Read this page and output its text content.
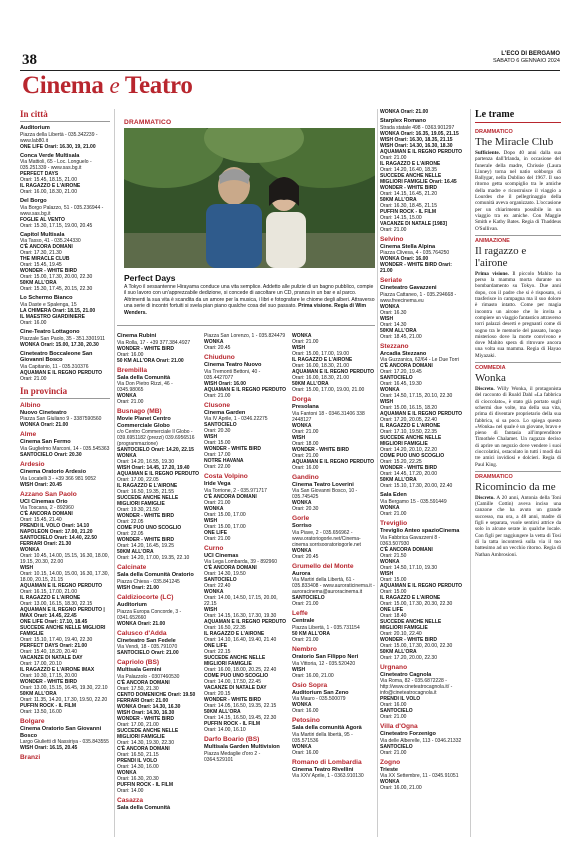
38	L'ECO DI BERGAMO
SABATO 6 GENNAIO 2024
Cinema e Teatro
In città
Auditorium
Piazza della Libertà - 035.342239 - www.lab80.it
ONE LIFE Orari: 16.30, 19, 21.00
Conca Verde Multisala
Via Mattioli, 65 - Loc. Longuelo - 035.251339 - www.sas.bg.it
PERFECT DAYS
Orari: 15.45, 18.15, 21.00
IL RAGAZZO E L'AIRONE
Orari: 16.00, 18.30, 21.00
Del Borgo
Via Borgo Palazzo, 51 - 035.236944 - www.sas.bg.it
FOGLIE AL VENTO
Orari: 15.30, 17.15, 19.00, 20.45
Capitol Multisala
Via Tasso, 41 - 035.244330
C'È ANCORA DOMANI
Orari: 17.30, 21.30
THE MIRACLE CLUB
Orari: 15.45, 19.45
WONDER - WHITE BIRD
Orari: 15.00, 17.30, 20.00, 22.30
50KM ALL'ORA
Orari: 15.30, 17.45, 20.15, 22.30
Lo Schermo Bianco
Via Daste e Spalenga, 15
LA CHIMERA Orari: 18.15, 21.00
IL MAESTRO GIARDINIERE
Orari: 16.00
Cine-Teatro Lottagono
Piazzale San Paolo, 35 - 351.3301911
WONKA Orari: 15.00, 17.30, 20.30
Cineteatro Boccaleone San Giovanni Bosco
Via Capitanio, 11 - 035.310376
AQUAMAN E IL REGNO PERDUTO
Orari: 21.00
In provincia
Albino
Nuovo Cineteatro
Piazza San Giuliano 9 - 3387590560
WONKA Orari: 21.00
Alme
Cinema San Fermo
Via Guglielmo Marconi, 14 - 035.545363
SANTOCIELO Orari: 20.30
Ardesio
Cinema Oratorio Ardesio
Via Locatelli 3 - +39 366 981 9052
WISH Orari: 20.45
Azzano San Paolo
UCI Cinemas Orio
Via Toscana, 2 - 892960
C'È ANCORA DOMANI
Orari: 15.45, 21.40
PRENDI IL VOLO Orari: 14.10
NAPOLEON Orari: 17.00, 21.20
SANTOCIELO Orari: 14.40, 22.50
FERRARI Orari: 21.30
WONKA
Orari: 10.45, 14.00, 15.15, 16.30, 18.00, 19.15, 20.30, 22.00
WISH
Orari: 10.15, 14.00, 15.00, 16.30, 17.30, 18.00, 20.15, 21.15
AQUAMAN E IL REGNO PERDUTO
Orari: 16.15, 17.00, 21.00
IL RAGAZZO E L'AIRONE
Orari: 13.00, 16.15, 18.30, 22.15
AQUAMAN E IL REGNO PERDUTO | IMAX Orari: 14.45, 22.45
ONE LIFE Orari: 17.10, 18.45
SUCCEDE ANCHE NELLE MIGLIORI FAMIGLIE
Orari: 15.10, 17.40, 19.40, 22.30
PERFECT DAYS Orari: 21.00
Orari: 15.40, 18.20, 20.40
VACANZE DI NATALE DAY
Orari: 17.00, 20.10
IL RAGAZZO E L'AIRONE IMAX
Orari: 10.30, 17.15, 20.00
WONDER - WHITE BIRD
Orari: 13.00, 15.15, 16.45, 19.30, 22.10
50KM ALL'ORA
Orari: 11.35, 14.20, 17.30, 19.50, 22.20
PUFFIN ROCK - IL FILM
Orari: 13.50, 16.00
Bolgare
Cinema Oratorio San Giovanni Bosco
Largo Giulietti di Nassiriya - 035.843555
WISH Orari: 16.15, 20.45
Branzi
DRAMMATICO
Perfect Days
A Tokyo il sessantenne Hirayama conduce una vita semplice. Addetto alle pulizie di un bagno pubblico, compie il suo lavoro con un'apprezzabile dedizione, si concede di ascoltare un CD, pranza in un bar e al parco. Altrimenti la sua vita è scandita da un amore per la musica, i libri e fotografare le chiome degli alberi. Attraverso una serie di incontri fortuiti si svela pian piano qualche cosa del suo passato. Prima visione. Regia di Wim Wenders.
Cinema Rubini
Via Rolla, 17 - +39 377.384.4927
WONDER - WHITE BIRD
Orari: 16.00
50 KM ALL'ORA Orari: 21.00
Brembilla
Sala della Comunità
Via Don Pietro Rizzi, 46 - 0345.98065
WONKA
Orari: 21.00
Busnago (MB)
Movie Planet Centro Commerciale Globo
c/o Centro Commerciale Il Globo - 039.6951182 (prezzi) 039.6956516 (programmazione)
SANTOCIELO Orari: 14.20, 22.15
WONKA
Orari: 14.20, 16.55, 19.30
WISH Orari: 14.45, 17.20, 19.40
AQUAMAN E IL REGNO PERDUTO
Orari: 17.00, 22.05
IL RAGAZZO E L'AIRONE
Orari: 16.50, 19.35, 21.55
SUCCEDE ANCHE NELLE MIGLIORI FAMIGLIE
Orari: 19.30, 21.50
WONDER - WHITE BIRD
Orari: 22.05
COME PUO UNO SCOGLIO
Orari: 22.05
WONDER - WHITE BIRD
Orari: 14.20, 16.45, 19.25
50KM ALL'ORA
Orari: 14.20, 17.00, 19.35, 22.10
Calcinate
Sala della Comunità Oratorio
Piazza Chiesa - 035.841245
WISH Orari: 21.00
Caldiziocorte (LC)
Auditorium
Piazza Europa Concorde, 3 - 0341.652660
WONKA Orari: 21.00
Calusco d'Adda
Cineteatro San Fedele
Via Vendi, 18 - 035.791070
SANTOCIELO Orari: 21.00
Capriolo (BS)
Multisala Gemini
Via Palazzolo - 0307460530
C'È ANCORA DOMANI
Orari: 17.50, 21.30
CENTO DOMENICHE Orari: 19.50
FERRARI Orari: 21.00
WONKA Orari: 14.30, 16.30
WISH Orari: 14.30, 16.30
WONDER - WHITE BIRD
Orari: 17.00, 21.00
SUCCEDE ANCHE NELLE MIGLIORI FAMIGLIE
Orari: 14.30, 19.30, 22.30
C'È ANCORA DOMANI
Orari: 16.50, 21.15
PRENDI IL VOLO
Orari: 14.30, 16.00
WONKA
Orari: 16.30, 20.30
PUFFIN ROCK - IL FILM
Orari: 14.00
Casazza
Sala della Comunità
Piazza San Lorenzo, 1 - 035.824479
WONKA
Orari: 20.45
Chiuduno
Cinema Teatro Nuovo
Via Tremonti Bettoni, 40 - 035.4427077
WISH Orari: 16.00
AQUAMAN E IL REGNO PERDUTO
Orari: 21.00
Clusone
Cinema Garden
Via IV Aprile, 1 - 0346.22275
SANTOCIELO
Orari: 20.30
WISH
Orari: 15.00
WONDER - WHITE BIRD
Orari: 17.00
NOTRE HAVANA
Orari: 22.00
Costa Volpino
Iride Vega
Via Torrione, 2 - 035.971717
C'È ANCORA DOMANI
Orari: 21.00
WONKA
Orari: 15.00, 17.00
WISH
Orari: 15.00, 17.00
ONE LIFE
Orari: 21.00
Curno
UCI Cinemas
Via Lega Lombarda, 39 - 892960
C'È ANCORA DOMANI
Orari: 14.30, 19.50
SANTOCIELO
Orari: 22.40
WONKA
Orari: 14.00, 14.50, 17.15, 20.00, 22.15
WISH
Orari: 14.15, 16.30, 17.30, 19.30
AQUAMAN E IL REGNO PERDUTO
Orari: 16.50, 22.35
IL RAGAZZO E L'AIRONE
Orari: 14.10, 16.40, 19.40, 21.40
ONE LIFE
Orari: 22.15
SUCCEDE ANCHE NELLE MIGLIORI FAMIGLIE
Orari: 16.00, 18.00, 20.25, 22.40
COME PUO UNO SCOGLIO
Orari: 14.00, 17.50, 22.45
VACANZE DI NATALE DAY
Orari: 20.15
WONDER - WHITE BIRD
Orari: 14.05, 16.50, 19.35, 22.15
50KM ALL'ORA
Orari: 14.15, 16.50, 19.45, 22.30
PUFFIN ROCK - IL FILM
Orari: 14.00, 16.10
Darfo Boario (BS)
Multisala Garden Multivision
Piazza Medaglie d'oro 2 - 0364.529101
WONKA
Orari: 21.00
WISH
Orari: 15.00, 17.00, 19.00
IL RAGAZZO E L'AIRONE
Orari: 16.00, 18.30, 21.00
AQUAMAN E IL REGNO PERDUTO
Orari: 16.00, 18.30, 21.00
50KM ALL'ORA
Orari: 15.00, 17.00, 19.00, 21.00
Dorga
Presolana
Via Fantoni 18 - 0346.31406 338 2448127
WONKA
Orari: 21.00
WISH
Orari: 18.00
WONDER - WHITE BIRD
Orari: 21.00
AQUAMAN E IL REGNO PERDUTO
Orari: 16.00
Gandino
Cinema Teatro Loverini
Via San Giovanni Bosco, 10 - 035.745425
WONKA
Orari: 20.30
Gorle
Sorriso
Via Piave, 2 - 035.656962 - www.oratoriogorle.net/Cinema-cinema sorrisooratoriogorle.net
WONKA
Orari: 20.45
Grumello del Monte
Aurora
Via Martiri della Libertà, 61 - 035.833408 - www.auroraticinema.it - auroracinema@auroracinema.it
SANTOCIELO
Orari: 21.00
Leffe
Centrale
Piazza Libertà, 1 - 035.731154
50 KM ALL'ORA
Orari: 21.00
Nembro
Oratorio San Filippo Neri
Via Vittoria, 12 - 035.520420
WISH
Orari: 16.00, 21.00
Osio Sopra
Auditorium San Zeno
Via Mauro - 035.500079
WONKA
Orari: 16.00
Petosino
Sala della comunità Agorà
Via Martiri della libertà, 95 - 035.571536
WONKA
Orari: 16.00
Romano di Lombardia
Cinema Teatro Rivellini
Via XXV Aprile, 1 - 0363.910130
WONKA Orari: 21.00
Starplex Romano
Strada statale 498 - 0363.901297
WONKA Orari: 16.35, 19.05, 21.15
WISH Orari: 16.30, 18.35, 21.15
WISH Orari: 14.30, 16.30, 18.30
AQUAMAN E IL REGNO PERDUTO
Orari: 21.00
IL RAGAZZO E L'AIRONE
Orari: 14.20, 16.40, 18.35
SUCCEDE ANCHE NELLE MIGLIORI FAMIGLIE Orari: 16.45
WONDER - WHITE BIRD
Orari: 14.15, 16.45, 21.20
50KM ALL'ORA
Orari: 16.30, 18.45, 21.15
PUFFIN ROCK - IL FILM
Orari: 14.15, 15.00
VACANZE DI NATALE [1983]
Orari: 21.00
Selvino
Cinema Stella Alpina
Piazza Clivesa, 4 - 035.764250
WONKA Orari: 16.00
WONDER - WHITE BIRD Orari: 21.00
Seriate
Cineteatro Gavazzeni
Piazza Cattaneo, 1 - 035.294668 - www.freecinema.eu
WONKA
Orari: 16.30
WISH
Orari: 14.30
50KM ALL'ORA
Orari: 18.45, 21.00
Stezzano
Arcadia Stezzano
Via Guzzanica, 62/64 - Le Due Torri
C'È ANCORA DOMANI
Orari: 17.20, 19.45
SANTOCIELO
Orari: 16.45, 19.30
WONKA
Orari: 14.50, 17.15, 20.10, 22.30
WISH
Orari: 15.00, 16.15, 18.20
AQUAMAN E IL REGNO PERDUTO
Orari: 17.20, 20.05, 22.40
IL RAGAZZO E L'AIRONE
Orari: 17.10, 19.50, 22.35
SUCCEDE ANCHE NELLE MIGLIORI FAMIGLIE
Orari: 14.20, 20.10, 22.20
COME PUO UNO SCOGLIO
Orari: 15.20, 22.25
WONDER - WHITE BIRD
Orari: 14.45, 17.20, 20.00
50KM ALL'ORA
Orari: 15.10, 17.30, 20.00, 22.40
Sala Eden
Via Bergamo 15 - 035.591449
WONKA
Orari: 21.00
Treviglio
Treviglio Anteo spazioCinema
Via Fabbrica Gavazzeni 8 - 0363.507930
C'È ANCORA DOMANI
Orari: 21.50
WONKA
Orari: 14.50, 17.10, 19.30
WISH
Orari: 15.00
AQUAMAN E IL REGNO PERDUTO
Orari: 15.00
IL RAGAZZO E L'AIRONE
Orari: 15.00, 17.30, 20.30, 22.30
ONE LIFE
Orari: 18.40
SUCCEDE ANCHE NELLE MIGLIORI FAMIGLIE
Orari: 20.10, 22.40
WONDER - WHITE BIRD
Orari: 15.00, 17.30, 20.00, 22.30
50KM ALL'ORA
Orari: 17.20, 20.00, 22.30
Urgnano
Cineteatro Cagnola
Via Roma, 82 - 035.6872228 - http://www.cineteatrocagnola.it/ - info@cineteatrocagnola.it
PRENDI IL VOLO
Orari: 16.00
SANTOCIELO
Orari: 21.00
Villa d'Ogna
Cineteatro Forzenigo
Via delle Alberelle, 113 - 0346.21332
SANTOCIELO
Orari: 21.00
Zogno
Trieste
Via XX Settembre, 11 - 0345.91051
WONKA
Orari: 16.00, 21.00
Le trame
DRAMMATICO
The Miracle Club
Sufficiente. Dopo 40 anni dalla sua partenza dall'Irlanda, in occasione del funerale della madre, Chrissie (Laura Linney) torna nel natio sobborgo di Ballygar, nella Dublino del 1967. Il suo ritorno getta scompiglio tra le amiche della madre e ricostruisce il viaggio a Lourdes che il pellegrinaggio della comunità aveva organizzato. L'occasione per un chiarimento possibile in un viaggio tra ex amiche. Con Maggie Smith e Kathy Bates. Regia di Thaddeus O'Sullivan.
ANIMAZIONE
Il ragazzo e l'airone
Prima visione. Il piccolo Mahito ha perso la mamma morta durante un bombardamento su Tokyo. Due anni dopo, con il padre che si è risposato, si trasferisce in campagna ma il suo dolore è rimasto intatto. Come per magia incontra un airone che lo invita a compiere un viaggio fantastico attraverso torri palazzi deserti e pregnanti come di sogno tra le memorie del passato, luogo misterioso dove la morte convivono e dove Mahito spera di ritrovare ancora una volta sua mamma. Regia di Hayao Miyazaki.
COMMEDIA
Wonka
Discreto. Willy Wonka, il protagonista del racconto di Roald Dahl «La fabbrica di cioccolato», è stato già portato sugli schermi due volte, ma della sua vita, prima di diventare proprietario della sua fabbrica, si sa poco. Lo spiega questo «Wonka» nel quale è un giovane, bravo e pieno di fantasia all'imprenditore Timothée Chalamet. Un ragazzo deciso di aprire un negozio dove vendere i suoi cioccolatini, ostacolato in tutti i modi dai tre amici invidiosi e dolcieri. Regia di Paul King.
DRAMMATICO
Ricomincio da me
Discreto. A 20 anni, Antonia della Toni (Camille Cottin) aveva inciso una canzone che ha avuto un grande successo, ma ora, a 48 anni, madre di figli e separata, vuole sentirsi attrice da solo in alcune serate in qualche locale. Con figli per raggiungere la vetta di Tosi di la tatta incontrerà sulla via il tuo battesimo ad un vecchio ritorno. Regia di Nathan Ambrosioni.
